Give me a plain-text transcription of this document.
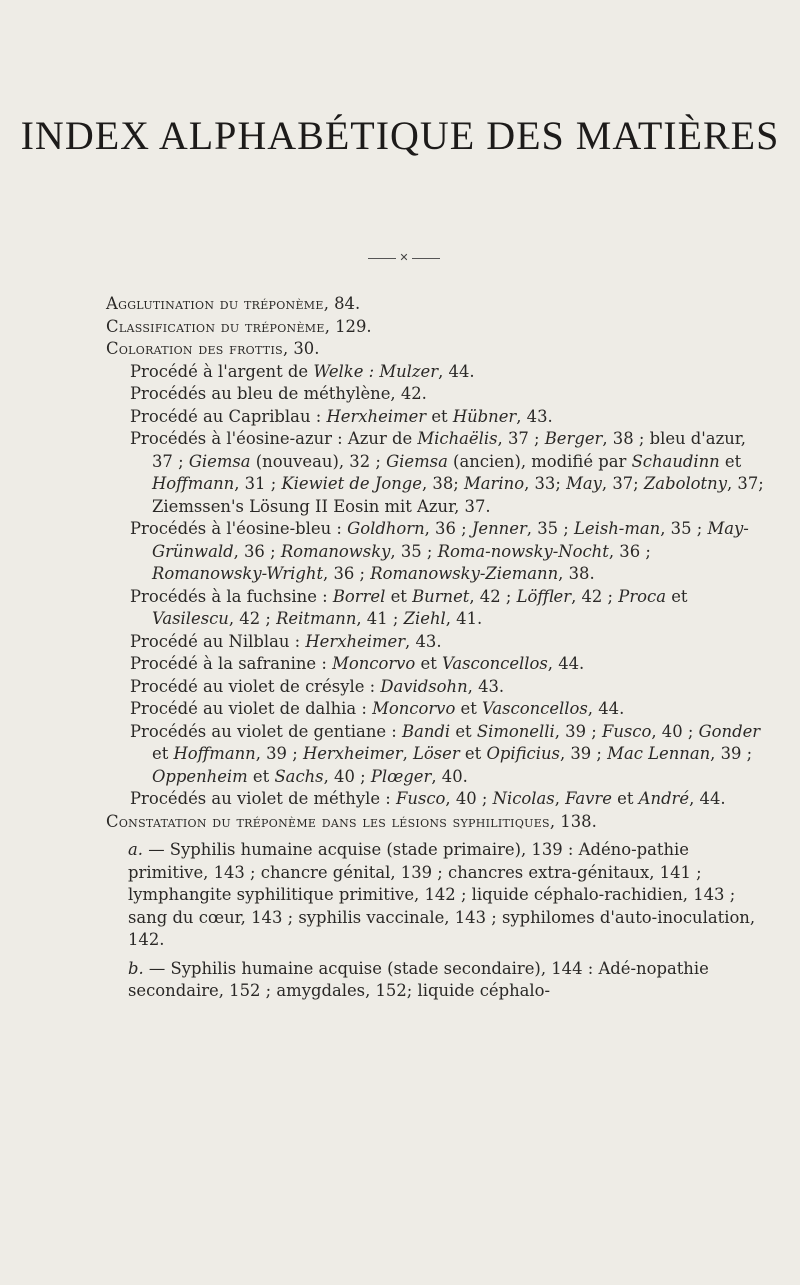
INDEX ALPHABÉTIQUE DES MATIÈRES
✕

Agglutination du tréponème, 84.

Classification du tréponème, 129.

Coloration des frottis, 30.

Procédé à l'argent de Welke : Mulzer, 44.

Procédés au bleu de méthylène, 42.

Procédé au Capriblau : Herxheimer et Hübner, 43.

Procédés à l'éosine-azur : Azur de Michaëlis, 37 ; Berger, 38 ; bleu d'azur, 37 ; Giemsa (nouveau), 32 ; Giemsa (ancien), modifié par Schaudinn et Hoffmann, 31 ; Kiewiet de Jonge, 38; Marino, 33; May, 37; Zabolotny, 37; Ziemssen's Lösung II Eosin mit Azur, 37.

Procédés à l'éosine-bleu : Goldhorn, 36 ; Jenner, 35 ; Leish-man, 35 ; May-Grünwald, 36 ; Romanowsky, 35 ; Roma-nowsky-Nocht, 36 ; Romanowsky-Wright, 36 ; Romanowsky-Ziemann, 38.

Procédés à la fuchsine : Borrel et Burnet, 42 ; Löffler, 42 ; Proca et Vasilescu, 42 ; Reitmann, 41 ; Ziehl, 41.

Procédé au Nilblau : Herxheimer, 43.

Procédé à la safranine : Moncorvo et Vasconcellos, 44.

Procédé au violet de crésyle : Davidsohn, 43.

Procédé au violet de dalhia : Moncorvo et Vasconcellos, 44.

Procédés au violet de gentiane : Bandi et Simonelli, 39 ; Fusco, 40 ; Gonder et Hoffmann, 39 ; Herxheimer, Löser et Opificius, 39 ; Mac Lennan, 39 ; Oppenheim et Sachs, 40 ; Plœger, 40.

Procédés au violet de méthyle : Fusco, 40 ; Nicolas, Favre et André, 44.

Constatation du tréponème dans les lésions syphilitiques, 138.

a. — Syphilis humaine acquise (stade primaire), 139 : Adéno-pathie primitive, 143 ; chancre génital, 139 ; chancres extra-génitaux, 141 ; lymphangite syphilitique primitive, 142 ; liquide céphalo-rachidien, 143 ; sang du cœur, 143 ; syphilis vaccinale, 143 ; syphilomes d'auto-inoculation, 142.

b. — Syphilis humaine acquise (stade secondaire), 144 : Adé-nopathie secondaire, 152 ; amygdales, 152; liquide céphalo-
